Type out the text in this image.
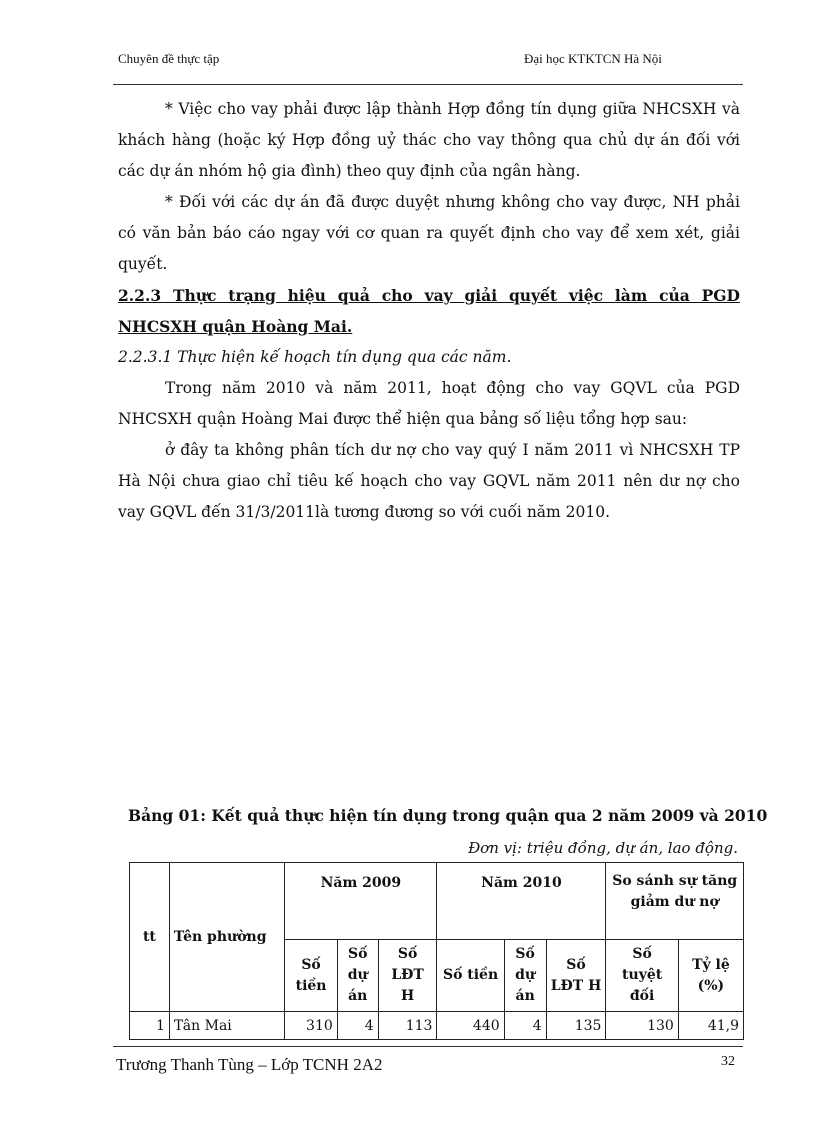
Chuyên đề thực tập	Đại học KTKTCN Hà Nội

* Việc cho vay phải được lập thành Hợp đồng tín dụng giữa NHCSXH và khách hàng (hoặc ký Hợp đồng uỷ thác cho vay thông qua chủ dự án đối với các dự án nhóm hộ gia đình) theo quy định của ngân hàng.

* Đối với các dự án đã được duyệt nhưng không cho vay được, NH phải có văn bản báo cáo ngay với cơ quan ra quyết định cho vay để xem xét, giải quyết.

2.2.3 Thực trạng hiệu quả cho vay giải quyết việc làm của PGD NHCSXH quận Hoàng Mai.

2.2.3.1 Thực hiện kế hoạch tín dụng qua các năm.

Trong năm 2010 và năm 2011, hoạt động cho vay GQVL của PGD NHCSXH quận Hoàng Mai được thể hiện qua bảng số liệu tổng hợp sau:

ở đây ta không phân tích dư nợ cho vay quý I năm 2011 vì NHCSXH TP Hà Nội chưa giao chỉ tiêu kế hoạch cho vay GQVL năm 2011 nên dư nợ cho vay GQVL đến 31/3/2011là tương đương so với cuối năm 2010.

Bảng 01: Kết quả thực hiện tín dụng trong quận qua 2 năm 2009 và 2010
Đơn vị: triệu đồng, dự án, lao động.
tt	Tên phường	Năm 2009			Năm 2010			So sánh sự tăng giảm dư nợ	
		Số tiền	Số dự án	Số LĐT H	Số tiền	Số dự án	Số LĐT H	Số tuyệt đối	Tỷ lệ (%)
1	Tân Mai	310	4	113	440	4	135	130	41,9
Trương Thanh Tùng – Lớp TCNH 2A2	32
